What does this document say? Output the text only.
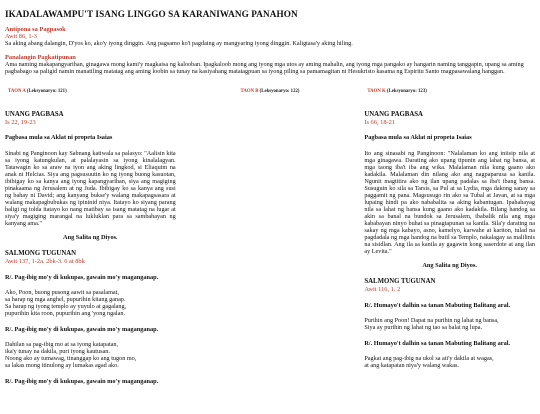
IKADALAWAMPU'T ISANG LINGGO SA KARANIWANG PANAHON
Antipona sa Pagpasok
Awit 86, 1-3
Sa aking abang dalangin, D'yos ko, ako'y iyong dinggin. Ang pagsamo ko't pagdaing ay mangyaring iyong dinggin. Kaligtasa'y aking hiling.
Panalangin Pagkatipunan
Ama naming makapangyarihan, ginagawa mong kami'y magkaisa ng kalooban. Ipagkaloob mong ang iyong mga utos ay aming mahalin, ang iyong mga pangako ay hangarin naming tanggapin, upang sa aming pagbabago sa paligid namin manatiling matatag ang aming loobin sa tunay na kasiyahang matatagpuan sa iyong piling sa pamamagitan ni Hesukristo kasama ng Espiritu Santo magpasawalang hanggan.
TAON A (Leksyonaryo: 121)
UNANG PAGBASA
Is 22, 19-23
Pagbasa mula sa Aklat ni propeta Isaias
Sinabi ng Panginoon kay Sabnang katiwala sa palasyo: "Aalisin kita sa iyong katungkulan, at palalayasin sa iyong kinalalagyan. Tatawagin ko sa araw na iyon ang aking lingkod, si Eliaquim na anak ni Helcias. Siya ang pagsusuutin ko ng iyong buong kasuotan, ibibigay ko sa kanya ang iyong kapangyarihan, siya ang magiging pinakaama ng Jerusalem at ng Juda. Ibibigay ko sa kanya ang susi ng bahay ni David; ang kanyang bukse'y walang makapagsasara at walang makapagbubukas ng ipininid niya. Itatayo ko siyang parang haligi ng tolda itatayo ko nang matibay sa isang matatag na lugar at siya'y magiging marangal na lukluklan para sa sambahayan ng kanyang ama."
Ang Salita ng Diyos.
SALMONG TUGUNAN
Awit 137, 1-2a. 2bk-3. 6 at 8bk
R/. Pag-ibig mo'y di kukupas, gawain mo'y maganganap.
Ako, Poon, buong pusong aawit sa pasalamat,
sa harap ng mga anghel, pupurihin kitang ganap.
Sa harap ng iyong templo ay yuyulo at gagalang,
pupurihin kita roon, pupurihin ang 'yong ngalan.
R/. Pag-ibig mo'y di kukupas, gawain mo'y maganganap.
Dahilan sa pag-ibig mo at sa iyong katapatan,
ika'y tunay na dakila, puri iyong kautusan.
Noong ako ay tumawag, tinanggap ko ang tugon mo,
sa lakas mong itinulong ay lumakas agad ako.
R/. Pag-ibig mo'y di kukupas, gawain mo'y maganganap.
TAON B (Leksyonaryo: 122)	TAON K (Leksyonaryo: 123)
UNANG PAGBASA
Is 66, 18-21
Pagbasa mula sa Aklat ni propeta Isaias
Ito ang sinasabi ng Panginoon: "Nalalaman ko ang iniisip nila at mga ginagawa. Darating ako upang tipunin ang lahat ng bansa, at mga taong iba't iba ang wika. Malalaman nila kung gaano ako kadakila. Malalaman din nilang ako ang nagpaparusa sa kanila. Ngunit magtitira ako ng ilan upang padalas sa iba't ibang bansa. Susuguin ko sila sa Tarsis, sa Pul at sa Lydia, mga dakong sanay sa paggamit ng pana. Magsusugo rin ako sa Tubal at Javan, at sa mga lupaing hindi pa ako nababalita sa aking kabantugan. Ipahahayag nila sa lahat ng bansa kung gaano ako kadakila. Bilang handog sa akin sa banal na bundok sa Jerusalem, ibabalik nila ang mga kababayan ninyo buhat sa pinagtapunan sa kanila. Sila'y darating na sakay ng mga kabayo, asno, kamelyo, karwahe at kariton, tulad na pagdadala ng mga handog na butil sa Templo, nakalagay sa malilinis na sisidlan. Ang ila sa kanila ay gagawin kong saserdote at ang ilan ay Levita."
Ang Salita ng Diyos.
SALMONG TUGUNAN
Awit 116, 1. 2
R/. Humayo't dalhin sa tanan Mabuting Balitang aral.
Purihin ang Poon! Dapat na purihin ng lahat ng bansa,
Siya ay purihin ng lahat ng tao sa balat ng lupa.
R/. Humayo't dalhin sa tanan Mabuting Balitang aral.
Pagkat ang pag-ibig na ukol sa ati'y dakila at wagas,
at ang katapatan niya'y walang wakas.
